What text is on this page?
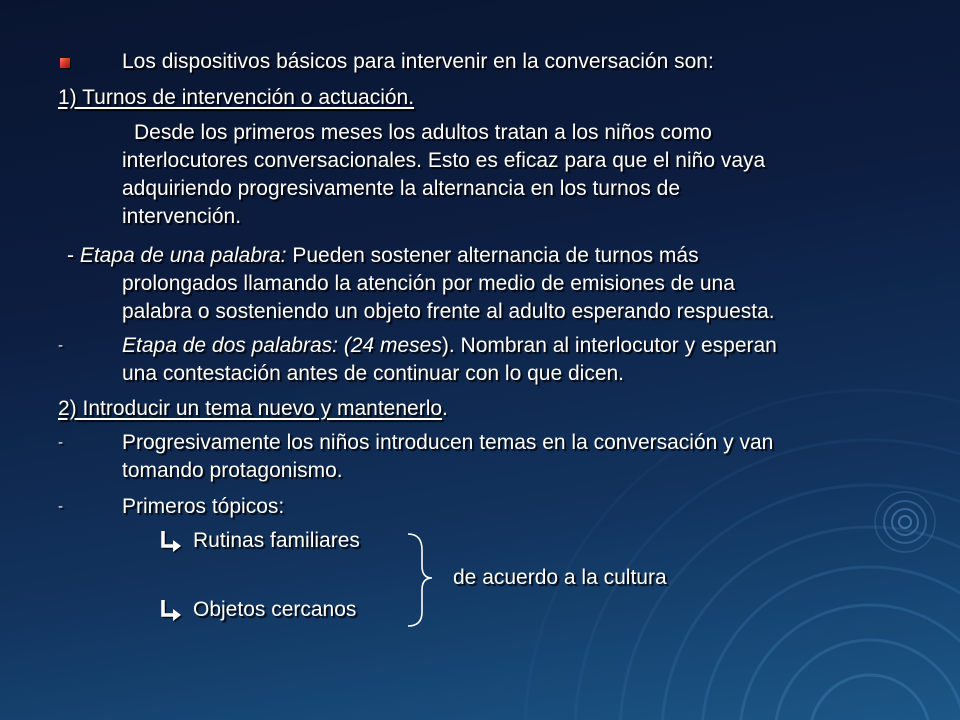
Los dispositivos básicos para intervenir en la conversación son:
1) Turnos de intervención o actuación.
Desde los primeros meses los adultos tratan a los niños como
interlocutores conversacionales. Esto es eficaz para que el niño vaya
adquiriendo progresivamente la alternancia en los turnos de
intervención.
- Etapa de una palabra: Pueden sostener alternancia de turnos más
prolongados llamando la atención por medio de emisiones de una
palabra o sosteniendo un objeto frente al adulto esperando respuesta.
-	Etapa de dos palabras: (24 meses). Nombran al interlocutor y esperan
una contestación antes de continuar con lo que dicen.
2) Introducir un tema nuevo y mantenerlo.
-	Progresivamente los niños introducen temas en la conversación y van
tomando protagonismo.
-	Primeros tópicos:
Rutinas familiares
de acuerdo a la cultura
Objetos cercanos
